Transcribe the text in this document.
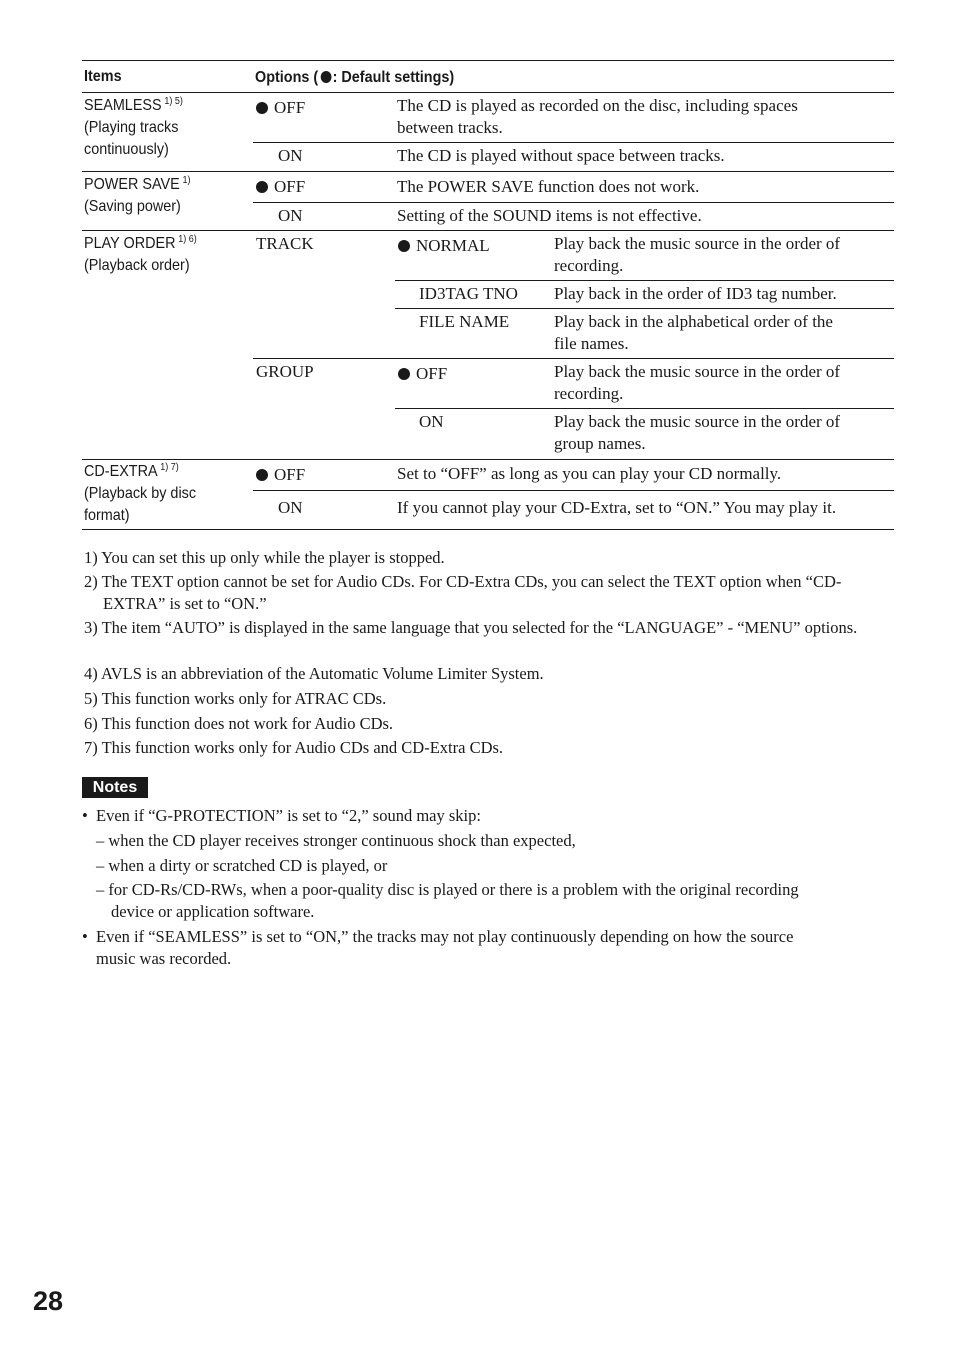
Items	Options ( : Default settings)
SEAMLESS $^{1) 5)}$
(Playing tracks
continuously)
OFF	The CD is played as recorded on the disc, including spaces
between tracks.
ON	The CD is played without space between tracks.
POWER SAVE $^{1)}$
(Saving power)
OFF	The POWER SAVE function does not work.
ON	Setting of the SOUND items is not effective.
PLAY ORDER $^{1) 6)}$
(Playback order)
TRACK	NORMAL	Play back the music source in the order of
recording.
ID3TAG TNO Play back in the order of ID3 tag number.
FILE NAME	Play back in the alphabetical order of the
file names.
GROUP	OFF	Play back the music source in the order of
recording.
ON	Play back the music source in the order of
group names.
CD-EXTRA $^{1) 7)}$
(Playback by disc
format)
OFF	Set to “OFF” as long as you can play your CD normally.
ON	If you cannot play your CD-Extra, set to “ON.” You may play it.
1) You can set this up only while the player is stopped.
2) The TEXT option cannot be set for Audio CDs. For CD-Extra CDs, you can select the TEXT option when “CD-EXTRA” is set to “ON.”
3) The item “AUTO” is displayed in the same language that you selected for the “LANGUAGE” - “MENU” options.
4) AVLS is an abbreviation of the Automatic Volume Limiter System.
5) This function works only for ATRAC CDs.
6) This function does not work for Audio CDs.
7) This function works only for Audio CDs and CD-Extra CDs.
Notes
• Even if “G-PROTECTION” is set to “2,” sound may skip:
– when the CD player receives stronger continuous shock than expected,
– when a dirty or scratched CD is played, or
– for CD-Rs/CD-RWs, when a poor-quality disc is played or there is a problem with the original recording
device or application software.
• Even if “SEAMLESS” is set to “ON,” the tracks may not play continuously depending on how the source
music was recorded.
28
